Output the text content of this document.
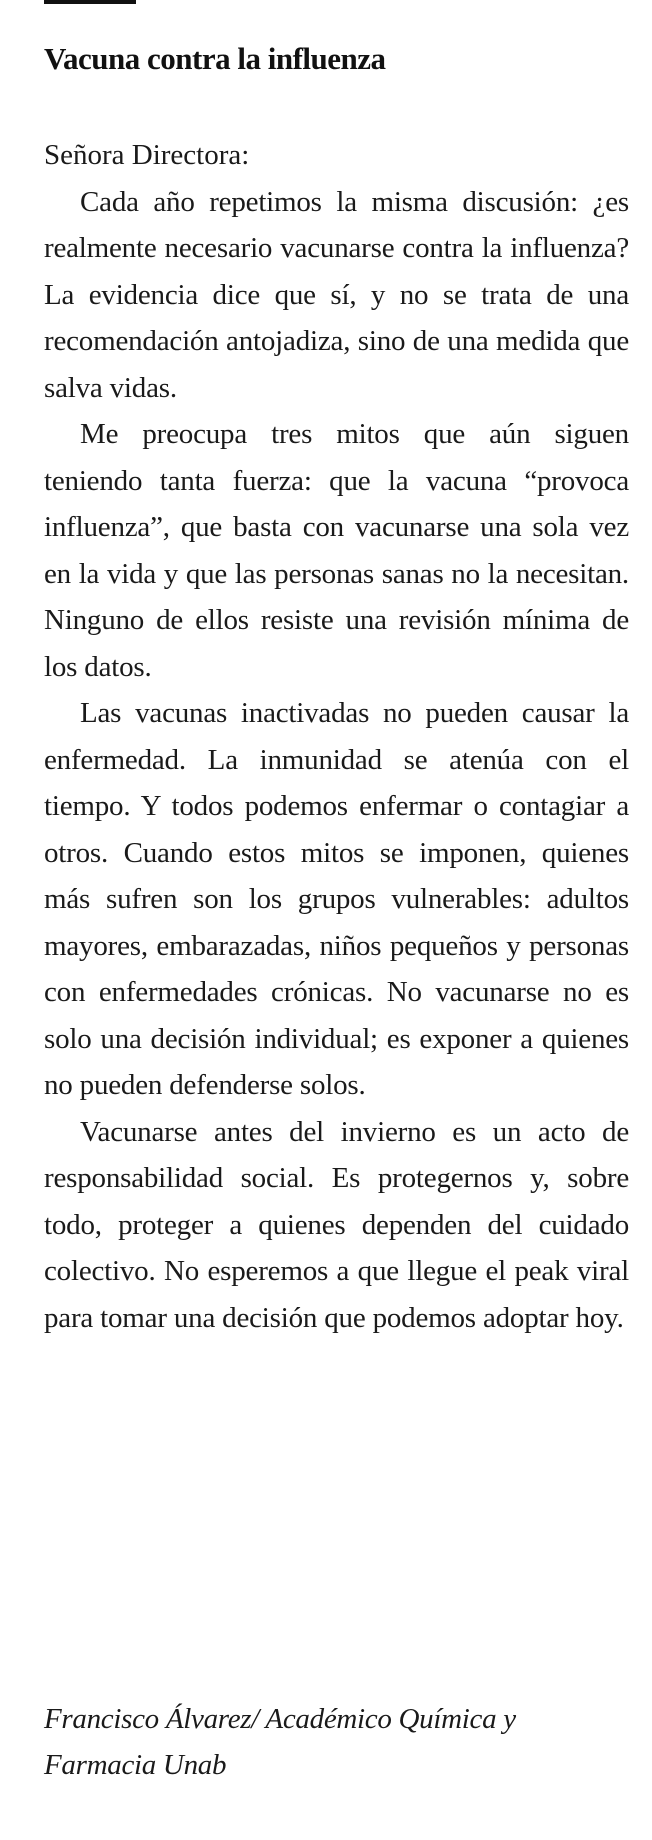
Vacuna contra la influenza

Señora Directora:

Cada año repetimos la misma discusión: ¿es realmente necesario vacunarse contra la influenza? La evidencia dice que sí, y no se trata de una recomendación antojadiza, sino de una medida que salva vidas.

Me preocupa tres mitos que aún siguen teniendo tanta fuerza: que la vacuna “provoca influenza”, que basta con vacunarse una sola vez en la vida y que las personas sanas no la necesitan. Ninguno de ellos resiste una revisión mínima de los datos.

Las vacunas inactivadas no pueden causar la enfermedad. La inmunidad se atenúa con el tiempo. Y todos podemos enfermar o contagiar a otros. Cuando estos mitos se imponen, quienes más sufren son los grupos vulnerables: adultos mayores, embarazadas, niños pequeños y personas con enfermedades crónicas. No vacunarse no es solo una decisión individual; es exponer a quienes no pueden defenderse solos.

Vacunarse antes del invierno es un acto de responsabilidad social. Es protegernos y, sobre todo, proteger a quienes dependen del cuidado colectivo. No esperemos a que llegue el peak viral para tomar una decisión que podemos adoptar hoy.

Francisco Álvarez/ Académico Química y Farmacia Unab
